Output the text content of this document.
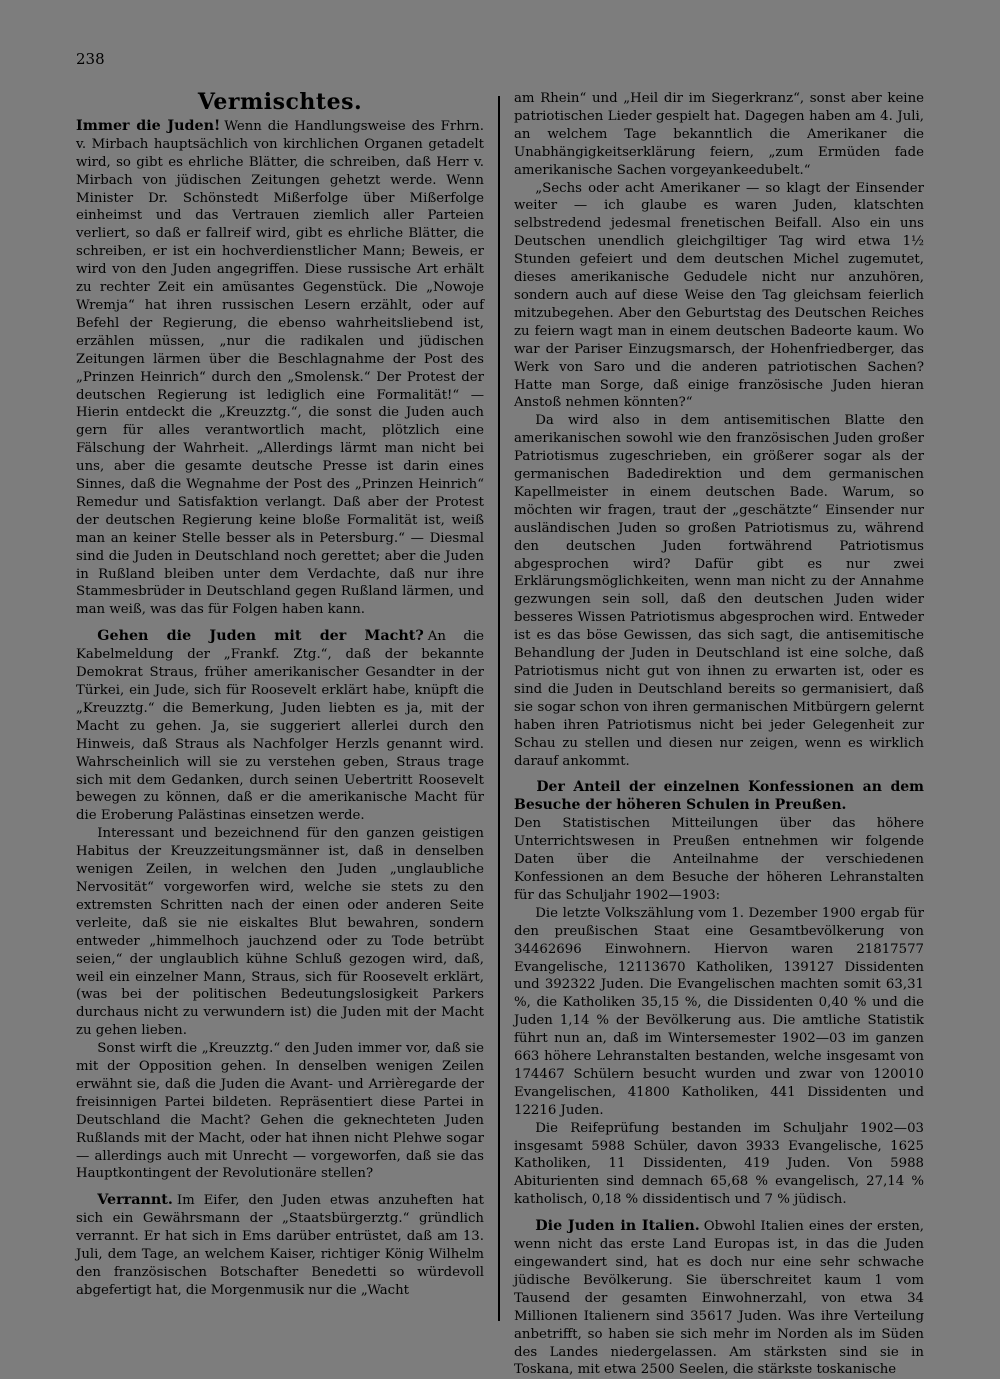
238
Vermischtes.

Immer die Juden! Wenn die Handlungsweise des Frhrn. v. Mirbach hauptsächlich von kirchlichen Organen getadelt wird, so gibt es ehrliche Blätter, die schreiben, daß Herr v. Mirbach von jüdischen Zeitungen gehetzt werde. Wenn Minister Dr. Schönstedt Mißerfolge über Mißerfolge einheimst und das Vertrauen ziemlich aller Parteien verliert, so daß er fallreif wird, gibt es ehrliche Blätter, die schreiben, er ist ein hochverdienstlicher Mann; Beweis, er wird von den Juden angegriffen. Diese russische Art erhält zu rechter Zeit ein amüsantes Gegenstück. Die „Nowoje Wremja“ hat ihren russischen Lesern erzählt, oder auf Befehl der Regierung, die ebenso wahrheitsliebend ist, erzählen müssen, „nur die radikalen und jüdischen Zeitungen lärmen über die Beschlagnahme der Post des „Prinzen Heinrich“ durch den „Smolensk.“ Der Protest der deutschen Regierung ist lediglich eine Formalität!“ — Hierin entdeckt die „Kreuzztg.“, die sonst die Juden auch gern für alles verantwortlich macht, plötzlich eine Fälschung der Wahrheit. „Allerdings lärmt man nicht bei uns, aber die gesamte deutsche Presse ist darin eines Sinnes, daß die Wegnahme der Post des „Prinzen Heinrich“ Remedur und Satisfaktion verlangt. Daß aber der Protest der deutschen Regierung keine bloße Formalität ist, weiß man an keiner Stelle besser als in Petersburg.“ — Diesmal sind die Juden in Deutschland noch gerettet; aber die Juden in Rußland bleiben unter dem Verdachte, daß nur ihre Stammesbrüder in Deutschland gegen Rußland lärmen, und man weiß, was das für Folgen haben kann.

Gehen die Juden mit der Macht? An die Kabelmeldung der „Frankf. Ztg.“, daß der bekannte Demokrat Straus, früher amerikanischer Gesandter in der Türkei, ein Jude, sich für Roosevelt erklärt habe, knüpft die „Kreuzztg.“ die Bemerkung, Juden liebten es ja, mit der Macht zu gehen. Ja, sie suggeriert allerlei durch den Hinweis, daß Straus als Nachfolger Herzls genannt wird. Wahrscheinlich will sie zu verstehen geben, Straus trage sich mit dem Gedanken, durch seinen Uebertritt Roosevelt bewegen zu können, daß er die amerikanische Macht für die Eroberung Palästinas einsetzen werde.

Interessant und bezeichnend für den ganzen geistigen Habitus der Kreuzzeitungsmänner ist, daß in denselben wenigen Zeilen, in welchen den Juden „unglaubliche Nervosität“ vorgeworfen wird, welche sie stets zu den extremsten Schritten nach der einen oder anderen Seite verleite, daß sie nie eiskaltes Blut bewahren, sondern entweder „himmelhoch jauchzend oder zu Tode betrübt seien,“ der unglaublich kühne Schluß gezogen wird, daß, weil ein einzelner Mann, Straus, sich für Roosevelt erklärt, (was bei der politischen Bedeutungslosigkeit Parkers durchaus nicht zu verwundern ist) die Juden mit der Macht zu gehen lieben.

Sonst wirft die „Kreuzztg.“ den Juden immer vor, daß sie mit der Opposition gehen. In denselben wenigen Zeilen erwähnt sie, daß die Juden die Avant- und Arrièregarde der freisinnigen Partei bildeten. Repräsentiert diese Partei in Deutschland die Macht? Gehen die geknechteten Juden Rußlands mit der Macht, oder hat ihnen nicht Plehwe sogar — allerdings auch mit Unrecht — vorgeworfen, daß sie das Hauptkontingent der Revolutionäre stellen?

Verrannt. Im Eifer, den Juden etwas anzuheften hat sich ein Gewährsmann der „Staatsbürgerztg.“ gründlich verrannt. Er hat sich in Ems darüber entrüstet, daß am 13. Juli, dem Tage, an welchem Kaiser, richtiger König Wilhelm den französischen Botschafter Benedetti so würdevoll abgefertigt hat, die Morgenmusik nur die „Wacht

am Rhein“ und „Heil dir im Siegerkranz“, sonst aber keine patriotischen Lieder gespielt hat. Dagegen haben am 4. Juli, an welchem Tage bekanntlich die Amerikaner die Unabhängigkeitserklärung feiern, „zum Ermüden fade amerikanische Sachen vorgeyankeedubelt.“

„Sechs oder acht Amerikaner — so klagt der Einsender weiter — ich glaube es waren Juden, klatschten selbstredend jedesmal frenetischen Beifall. Also ein uns Deutschen unendlich gleichgiltiger Tag wird etwa 1½ Stunden gefeiert und dem deutschen Michel zugemutet, dieses amerikanische Gedudele nicht nur anzuhören, sondern auch auf diese Weise den Tag gleichsam feierlich mitzubegehen. Aber den Geburtstag des Deutschen Reiches zu feiern wagt man in einem deutschen Badeorte kaum. Wo war der Pariser Einzugsmarsch, der Hohenfriedberger, das Werk von Saro und die anderen patriotischen Sachen? Hatte man Sorge, daß einige französische Juden hieran Anstoß nehmen könnten?“

Da wird also in dem antisemitischen Blatte den amerikanischen sowohl wie den französischen Juden großer Patriotismus zugeschrieben, ein größerer sogar als der germanischen Badedirektion und dem germanischen Kapellmeister in einem deutschen Bade. Warum, so möchten wir fragen, traut der „geschätzte“ Einsender nur ausländischen Juden so großen Patriotismus zu, während den deutschen Juden fortwährend Patriotismus abgesprochen wird? Dafür gibt es nur zwei Erklärungsmöglichkeiten, wenn man nicht zu der Annahme gezwungen sein soll, daß den deutschen Juden wider besseres Wissen Patriotismus abgesprochen wird. Entweder ist es das böse Gewissen, das sich sagt, die antisemitische Behandlung der Juden in Deutschland ist eine solche, daß Patriotismus nicht gut von ihnen zu erwarten ist, oder es sind die Juden in Deutschland bereits so germanisiert, daß sie sogar schon von ihren germanischen Mitbürgern gelernt haben ihren Patriotismus nicht bei jeder Gelegenheit zur Schau zu stellen und diesen nur zeigen, wenn es wirklich darauf ankommt.

Der Anteil der einzelnen Konfessionen an dem Besuche der höheren Schulen in Preußen.

Den Statistischen Mitteilungen über das höhere Unterrichtswesen in Preußen entnehmen wir folgende Daten über die Anteilnahme der verschiedenen Konfessionen an dem Besuche der höheren Lehranstalten für das Schuljahr 1902—1903:

Die letzte Volkszählung vom 1. Dezember 1900 ergab für den preußischen Staat eine Gesamtbevölkerung von 34462696 Einwohnern. Hiervon waren 21817577 Evangelische, 12113670 Katholiken, 139127 Dissidenten und 392322 Juden. Die Evangelischen machten somit 63,31 %, die Katholiken 35,15 %, die Dissidenten 0,40 % und die Juden 1,14 % der Bevölkerung aus. Die amtliche Statistik führt nun an, daß im Wintersemester 1902—03 im ganzen 663 höhere Lehranstalten bestanden, welche insgesamt von 174467 Schülern besucht wurden und zwar von 120010 Evangelischen, 41800 Katholiken, 441 Dissidenten und 12216 Juden.

Die Reifeprüfung bestanden im Schuljahr 1902—03 insgesamt 5988 Schüler, davon 3933 Evangelische, 1625 Katholiken, 11 Dissidenten, 419 Juden. Von 5988 Abiturienten sind demnach 65,68 % evangelisch, 27,14 % katholisch, 0,18 % dissidentisch und 7 % jüdisch.

Die Juden in Italien. Obwohl Italien eines der ersten, wenn nicht das erste Land Europas ist, in das die Juden eingewandert sind, hat es doch nur eine sehr schwache jüdische Bevölkerung. Sie überschreitet kaum 1 vom Tausend der gesamten Einwohnerzahl, von etwa 34 Millionen Italienern sind 35617 Juden. Was ihre Verteilung anbetrifft, so haben sie sich mehr im Norden als im Süden des Landes niedergelassen. Am stärksten sind sie in Toskana, mit etwa 2500 Seelen, die stärkste toskanische
